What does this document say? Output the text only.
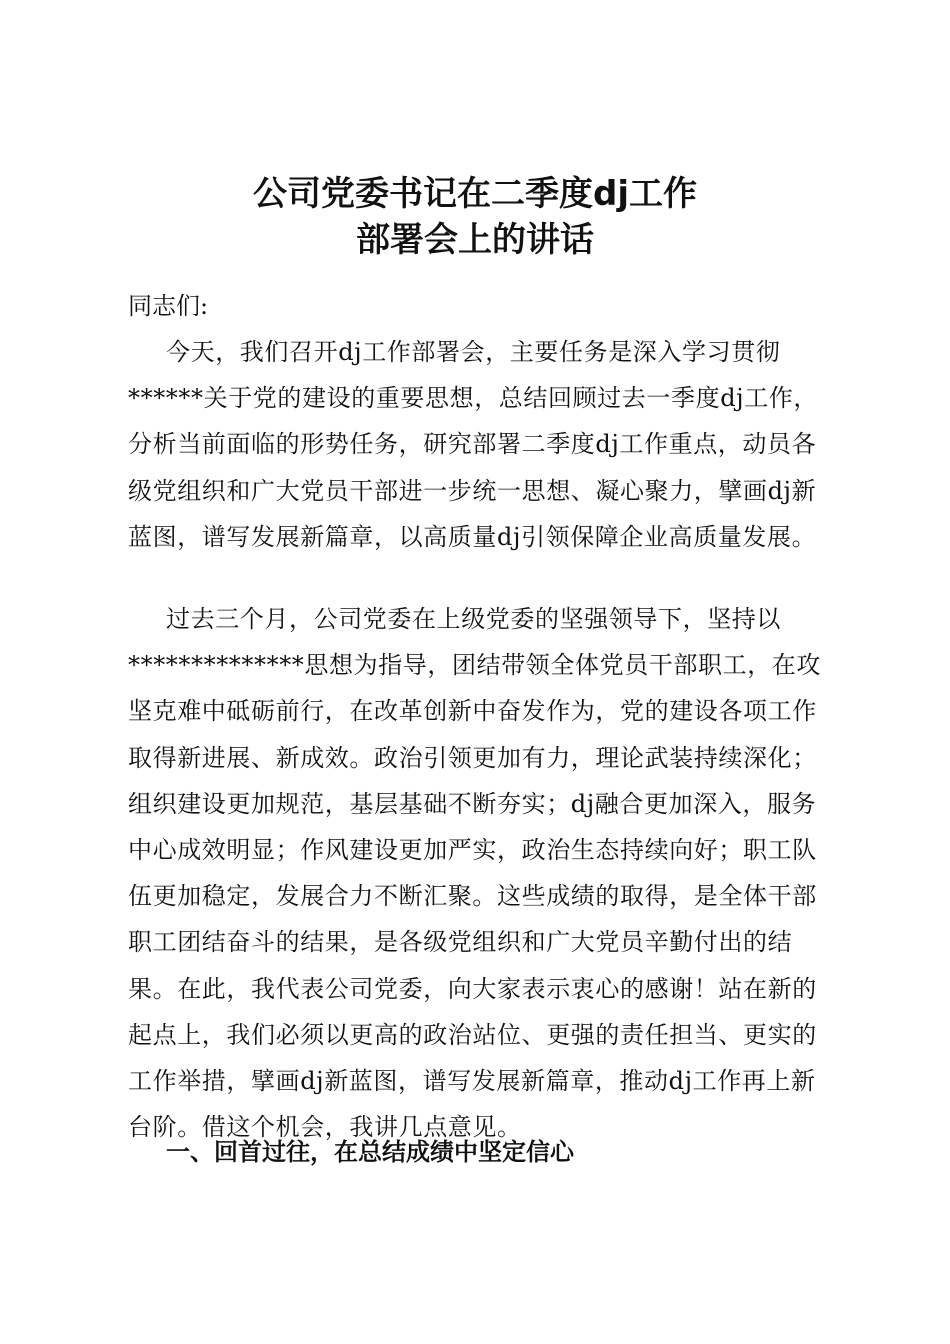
公司党委书记在二季度dj工作
部署会上的讲话

同志们:

今天，我们召开dj工作部署会，主要任务是深入学习贯彻******关于党的建设的重要思想，总结回顾过去一季度dj工作，分析当前面临的形势任务，研究部署二季度dj工作重点，动员各级党组织和广大党员干部进一步统一思想、凝心聚力，擘画dj新蓝图，谱写发展新篇章，以高质量dj引领保障企业高质量发展。

过去三个月，公司党委在上级党委的坚强领导下，坚持以**************思想为指导，团结带领全体党员干部职工，在攻坚克难中砥砺前行，在改革创新中奋发作为，党的建设各项工作取得新进展、新成效。政治引领更加有力，理论武装持续深化；组织建设更加规范，基层基础不断夯实；dj融合更加深入，服务中心成效明显；作风建设更加严实，政治生态持续向好；职工队伍更加稳定，发展合力不断汇聚。这些成绩的取得，是全体干部职工团结奋斗的结果，是各级党组织和广大党员辛勤付出的结果。在此，我代表公司党委，向大家表示衷心的感谢！站在新的起点上，我们必须以更高的政治站位、更强的责任担当、更实的工作举措，擘画dj新蓝图，谱写发展新篇章，推动dj工作再上新台阶。借这个机会，我讲几点意见。

一、回首过往，在总结成绩中坚定信心
